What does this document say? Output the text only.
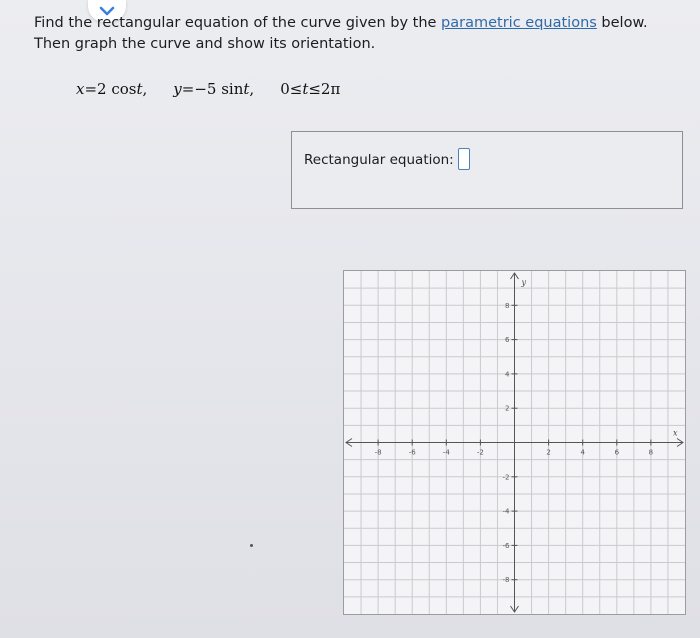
Find the rectangular equation of the curve given by the parametric equations below.
Then graph the curve and show its orientation.
x=2 cost, y=−5 sint, 0≤t≤2π
Rectangular equation:
x
y
-8	-6	-4	-2	2	4	6	8
8
6
4
2
-2
-4
-6
-8
